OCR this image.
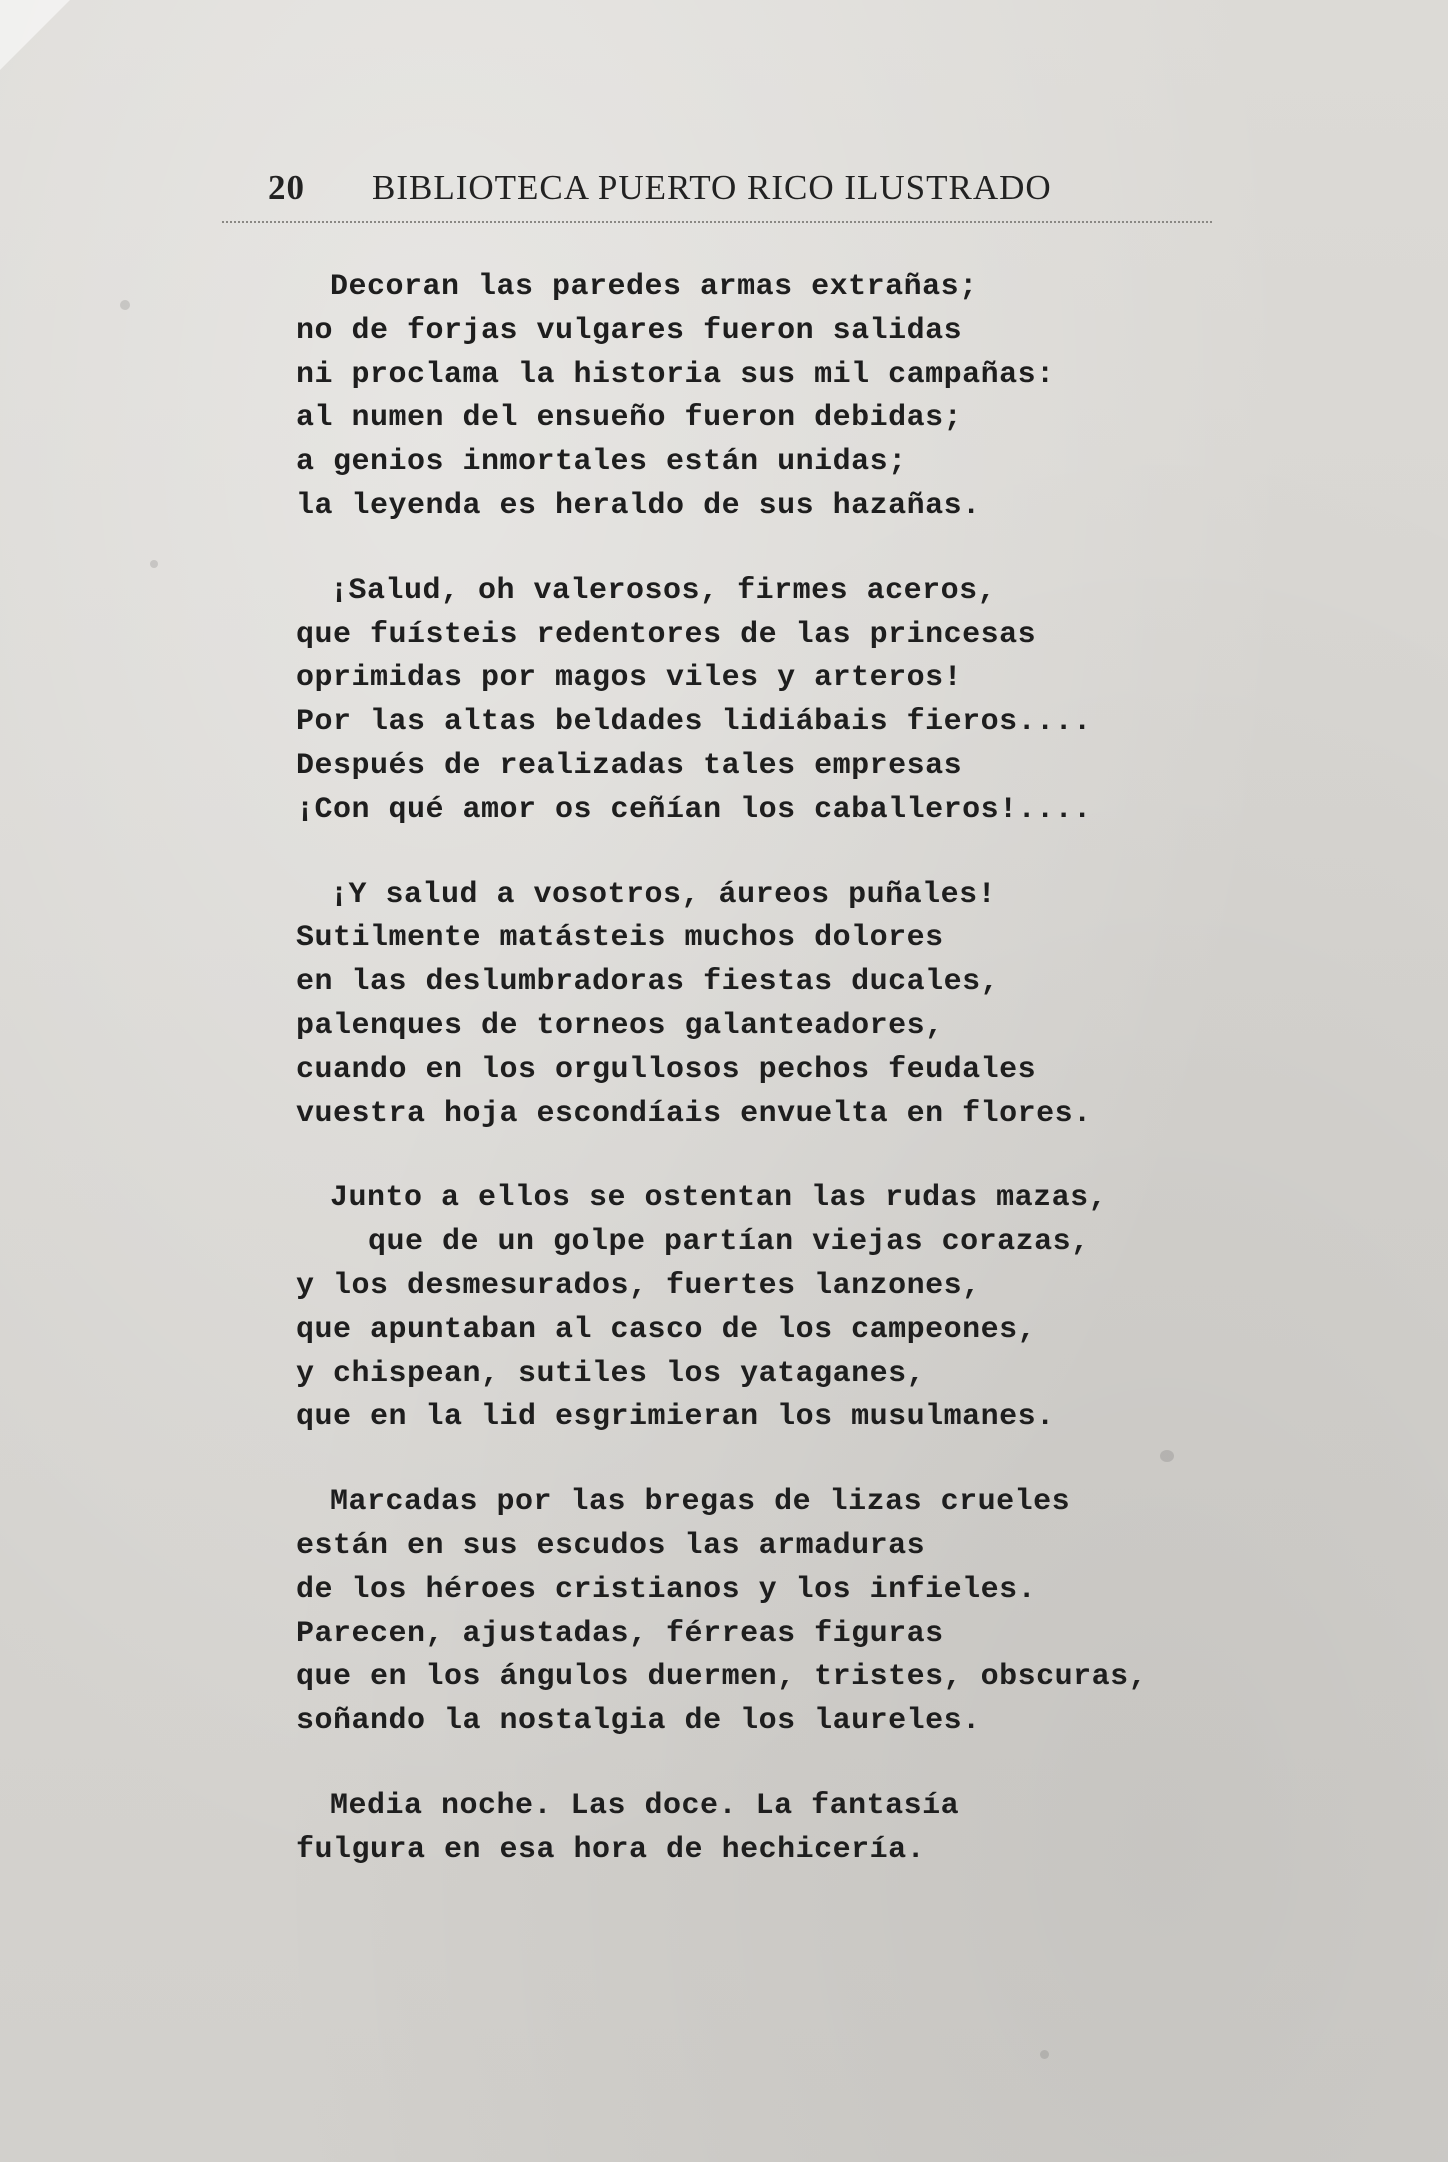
20 BIBLIOTECA PUERTO RICO ILUSTRADO
Decoran las paredes armas extrañas;
no de forjas vulgares fueron salidas
ni proclama la historia sus mil campañas:
al numen del ensueño fueron debidas;
a genios inmortales están unidas;
la leyenda es heraldo de sus hazañas.
¡Salud, oh valerosos, firmes aceros,
que fuísteis redentores de las princesas
oprimidas por magos viles y arteros!
Por las altas beldades lidiábais fieros....
Después de realizadas tales empresas
¡Con qué amor os ceñían los caballeros!....
¡Y salud a vosotros, áureos puñales!
Sutilmente matásteis muchos dolores
en las deslumbradoras fiestas ducales,
palenques de torneos galanteadores,
cuando en los orgullosos pechos feudales
vuestra hoja escondíais envuelta en flores.
Junto a ellos se ostentan las rudas mazas,
que de un golpe partían viejas corazas,
y los desmesurados, fuertes lanzones,
que apuntaban al casco de los campeones,
y chispean, sutiles los yataganes,
que en la lid esgrimieran los musulmanes.
Marcadas por las bregas de lizas crueles
están en sus escudos las armaduras
de los héroes cristianos y los infieles.
Parecen, ajustadas, férreas figuras
que en los ángulos duermen, tristes, obscuras,
soñando la nostalgia de los laureles.
Media noche. Las doce. La fantasía
fulgura en esa hora de hechicería.
